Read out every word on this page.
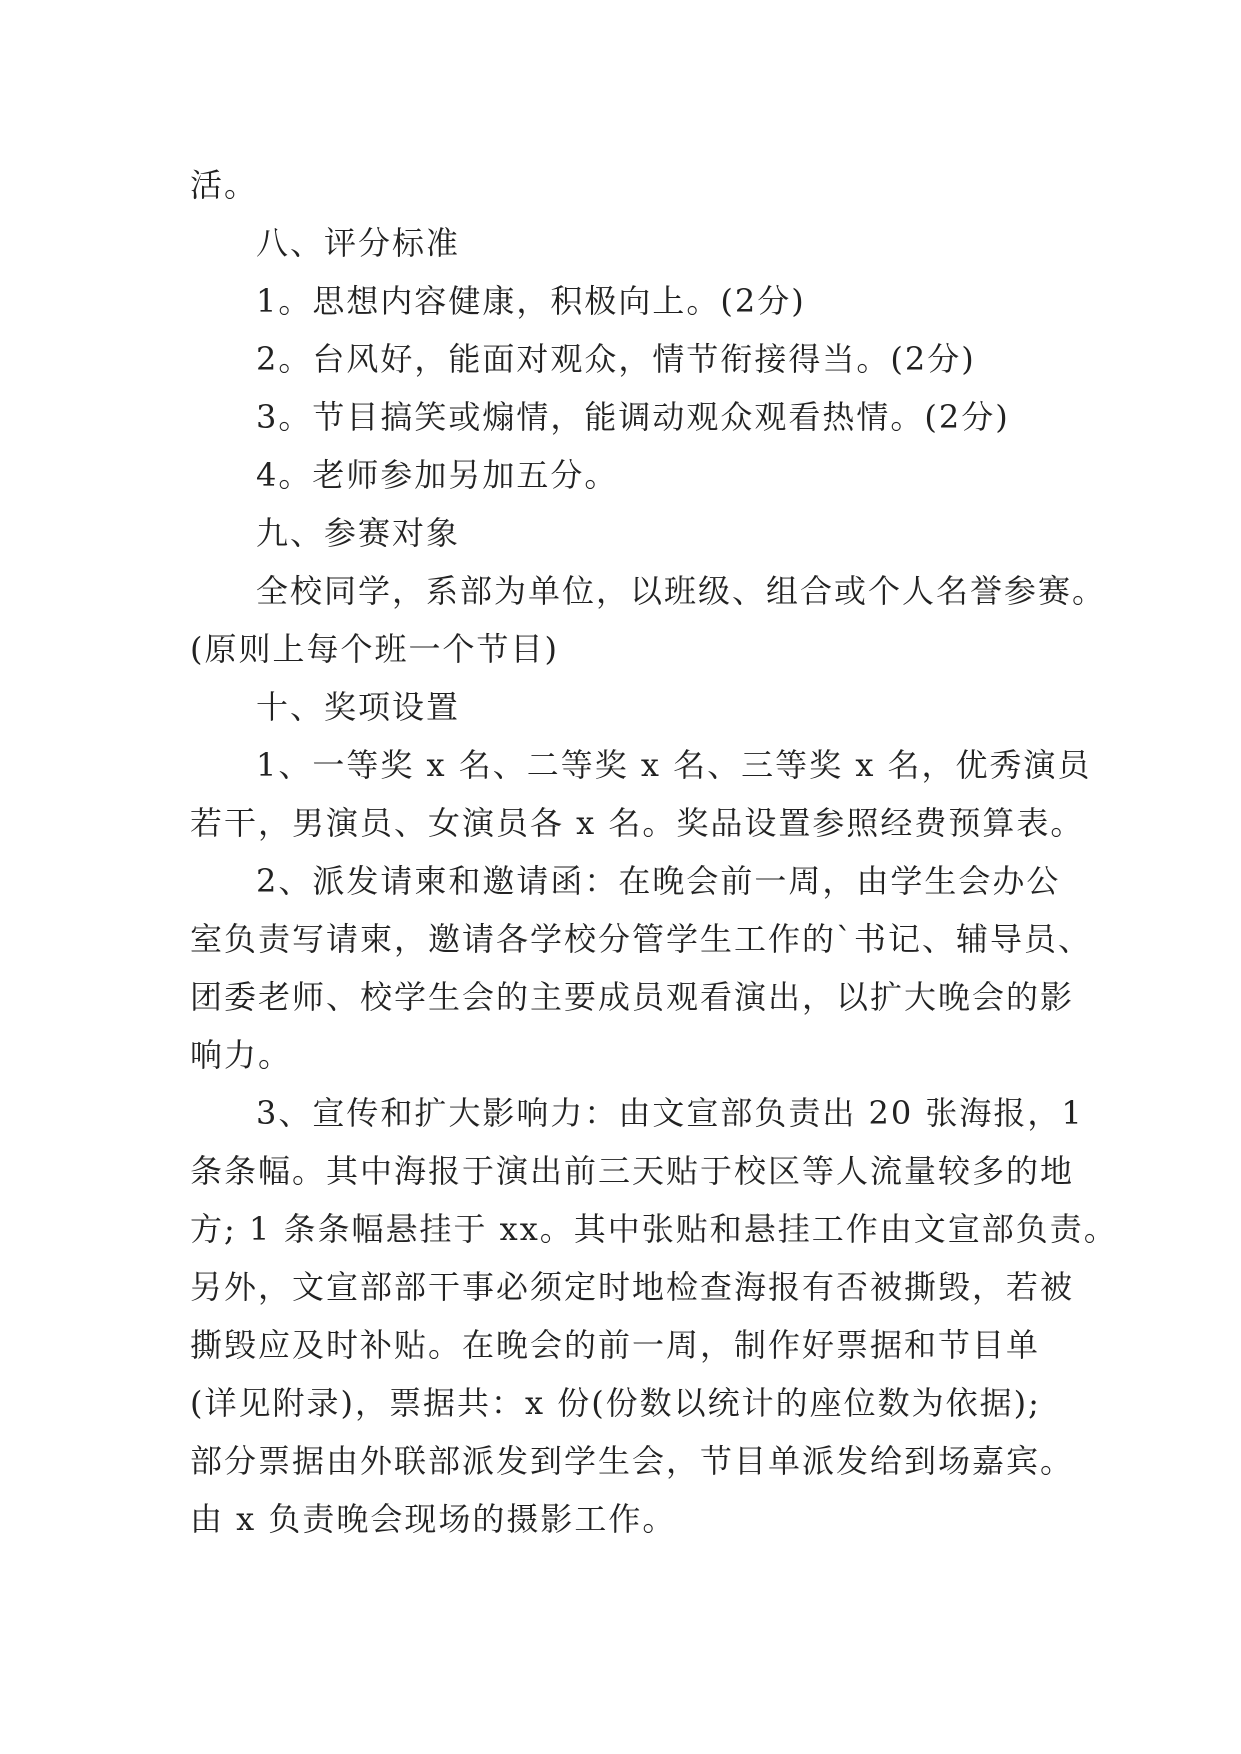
活。
八、评分标准
1。思想内容健康，积极向上。(2分)
2。台风好，能面对观众，情节衔接得当。(2分)
3。节目搞笑或煽情，能调动观众观看热情。(2分)
4。老师参加另加五分。
九、参赛对象
全校同学，系部为单位，以班级、组合或个人名誉参赛。
(原则上每个班一个节目)
十、奖项设置
1、一等奖 x 名、二等奖 x 名、三等奖 x 名，优秀演员
若干，男演员、女演员各 x 名。奖品设置参照经费预算表。
2、派发请柬和邀请函：在晚会前一周，由学生会办公
室负责写请柬，邀请各学校分管学生工作的`书记、辅导员、
团委老师、校学生会的主要成员观看演出，以扩大晚会的影
响力。
3、宣传和扩大影响力：由文宣部负责出 20 张海报，1
条条幅。其中海报于演出前三天贴于校区等人流量较多的地
方; 1 条条幅悬挂于 xx。其中张贴和悬挂工作由文宣部负责。
另外，文宣部部干事必须定时地检查海报有否被撕毁，若被
撕毁应及时补贴。在晚会的前一周，制作好票据和节目单
(详见附录)，票据共：x 份(份数以统计的座位数为依据);
部分票据由外联部派发到学生会，节目单派发给到场嘉宾。
由 x 负责晚会现场的摄影工作。
